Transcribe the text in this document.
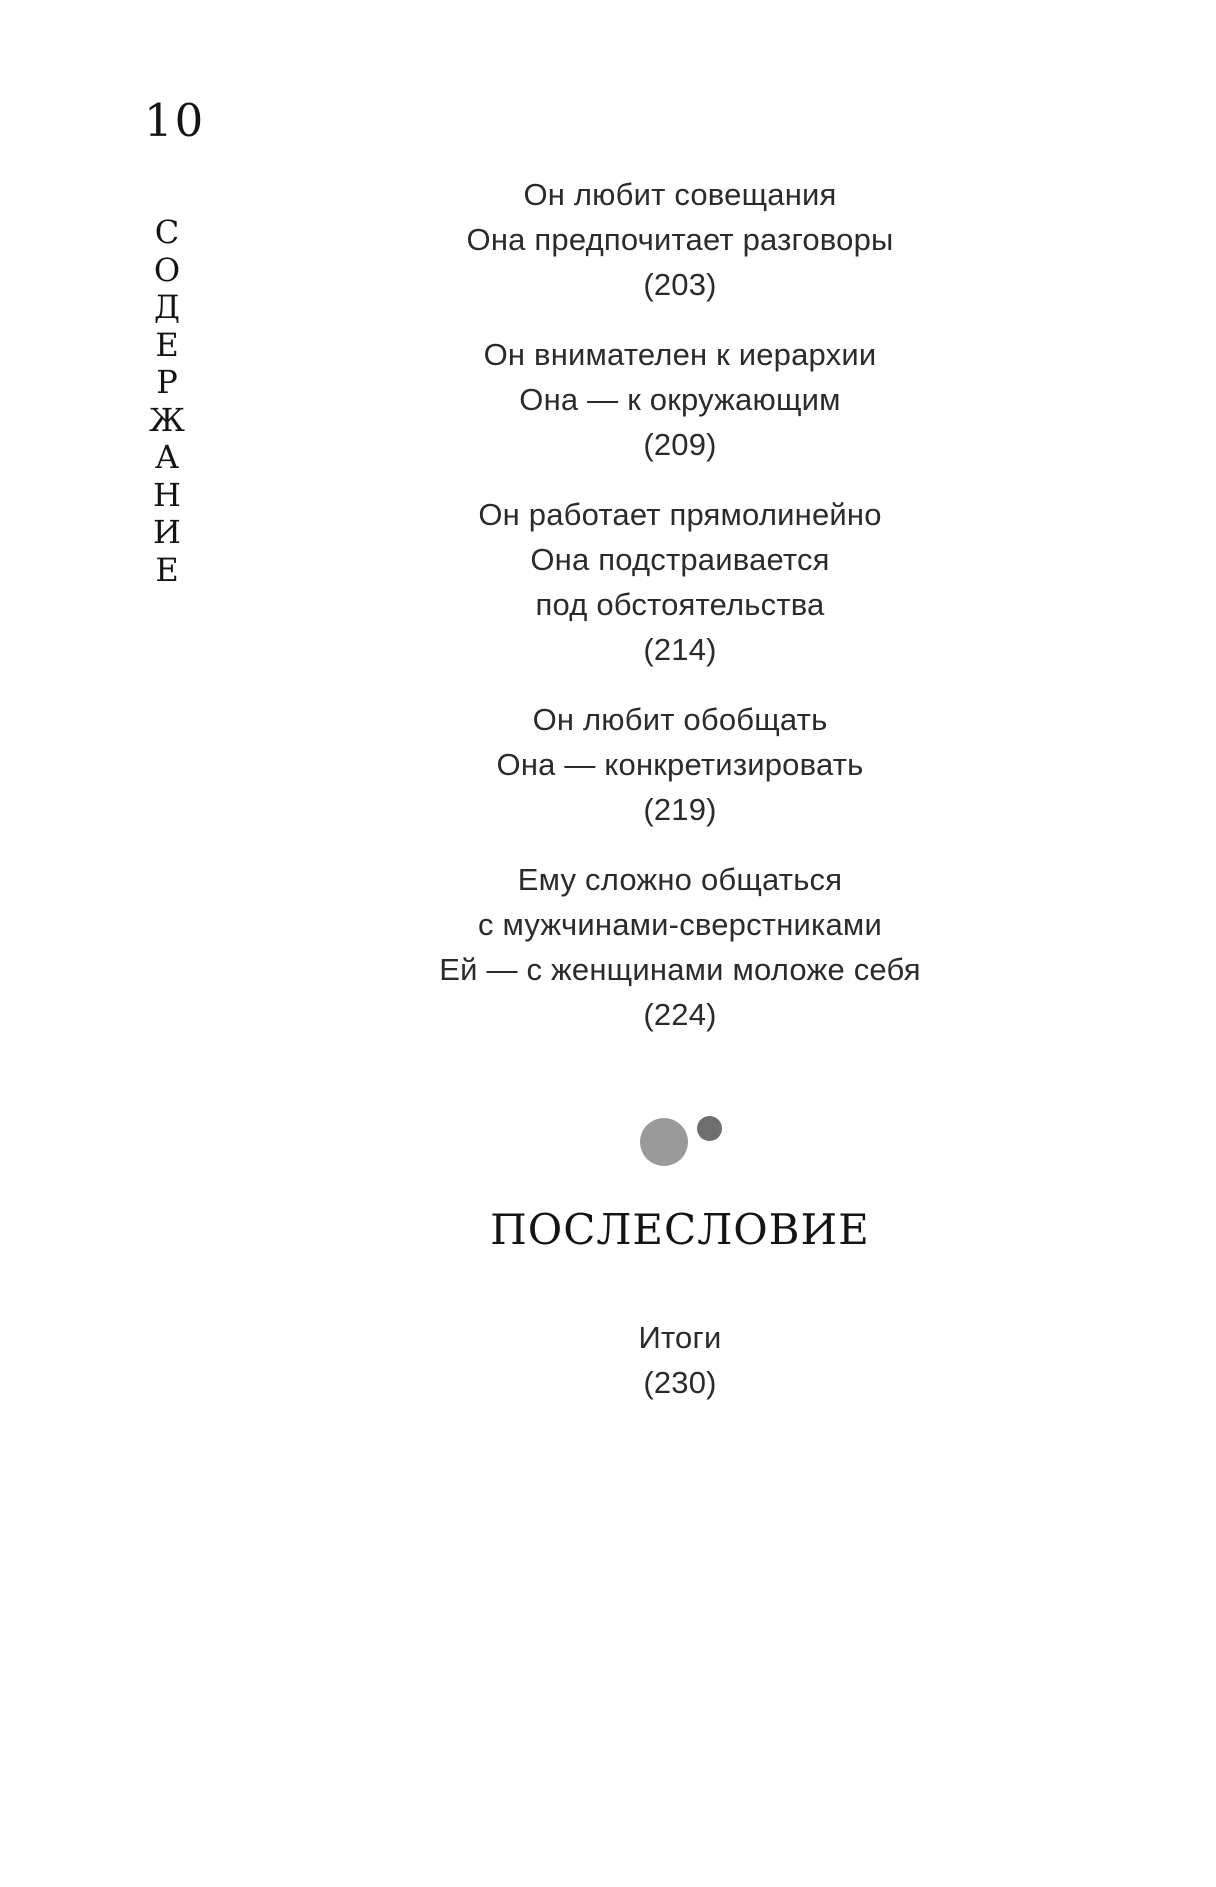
10
С
О
Д
Е
Р
Ж
А
Н
И
Е
Он любит совещания
Она предпочитает разговоры
(203)
Он внимателен к иерархии
Она — к окружающим
(209)
Он работает прямолинейно
Она подстраивается
под обстоятельства
(214)
Он любит обобщать
Она — конкретизировать
(219)
Ему сложно общаться
с мужчинами-сверстниками
Ей — с женщинами моложе себя
(224)
ПОСЛЕСЛОВИЕ
Итоги
(230)
